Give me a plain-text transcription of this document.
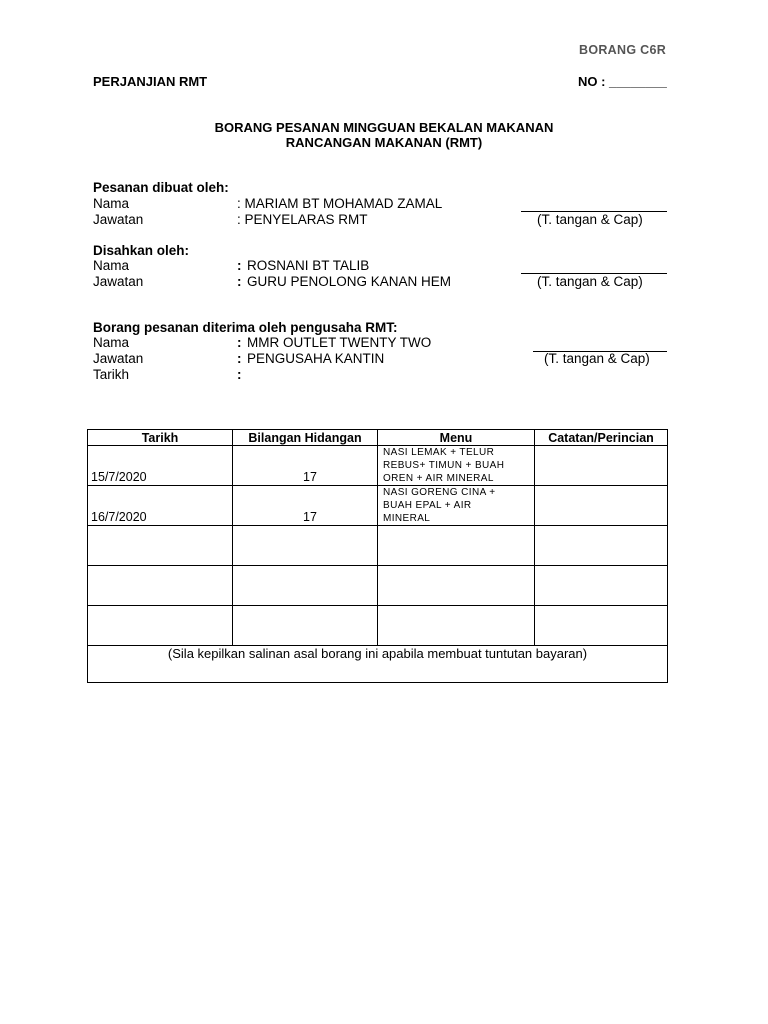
BORANG C6R
PERJANJIAN RMT	NO : ________
BORANG PESANAN MINGGUAN BEKALAN MAKANAN
RANCANGAN MAKANAN (RMT)
Pesanan dibuat oleh:
Nama	: MARIAM BT MOHAMAD ZAMAL
Jawatan	: PENYELARAS RMT	(T. tangan & Cap)
Disahkan oleh:
Nama	: ROSNANI BT TALIB
Jawatan	: GURU PENOLONG KANAN HEM	(T. tangan & Cap)
Borang pesanan diterima oleh pengusaha RMT:
Nama	: MMR OUTLET TWENTY TWO
Jawatan	: PENGUSAHA KANTIN	(T. tangan & Cap)
Tarikh	:
Tarikh	Bilangan Hidangan	Menu	Catatan/Perincian
15/7/2020	17	NASI LEMAK + TELUR
REBUS+ TIMUN + BUAH
OREN + AIR MINERAL	

16/7/2020	17	NASI GORENG CINA +
BUAH EPAL + AIR
MINERAL	

(Sila kepilkan salinan asal borang ini apabila membuat tuntutan bayaran)			
